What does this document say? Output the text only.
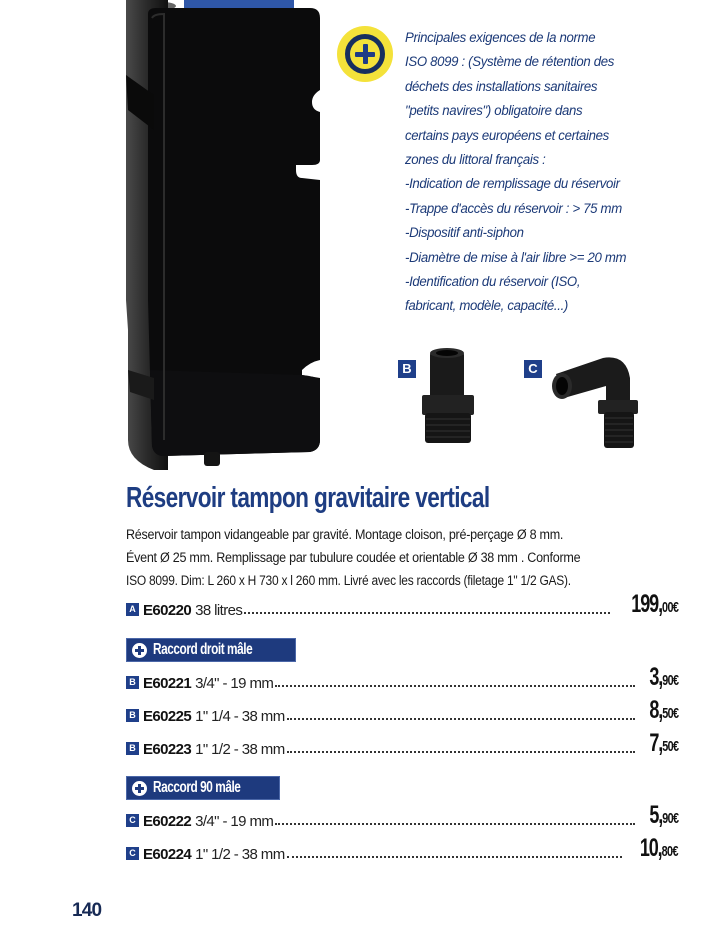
Principales exigences de la norme
ISO 8099 : (Système de rétention des
déchets des installations sanitaires
"petits navires") obligatoire dans
certains pays européens et certaines
zones du littoral français :
-Indication de remplissage du réservoir
-Trappe d'accès du réservoir : > 75 mm
-Dispositif anti-siphon
-Diamètre de mise à l'air libre >= 20 mm
-Identification du réservoir (ISO,
fabricant, modèle, capacité...)
B	C
Réservoir tampon gravitaire vertical
Réservoir tampon vidangeable par gravité. Montage cloison, pré-perçage Ø 8 mm.
Évent Ø 25 mm. Remplissage par tubulure coudée et orientable Ø 38 mm . Conforme
ISO 8099. Dim: L 260 x H 730 x l 260 mm. Livré avec les raccords (filetage 1" 1/2 GAS).
A E60220 38 litres	199,00€
Raccord droit mâle
B E60221 3/4" - 19 mm	3,90€
B E60225 1" 1/4 - 38 mm	8,50€
B E60223 1" 1/2 - 38 mm	7,50€
Raccord 90 mâle
C E60222 3/4" - 19 mm	5,90€
C E60224 1" 1/2 - 38 mm	10,80€
140
